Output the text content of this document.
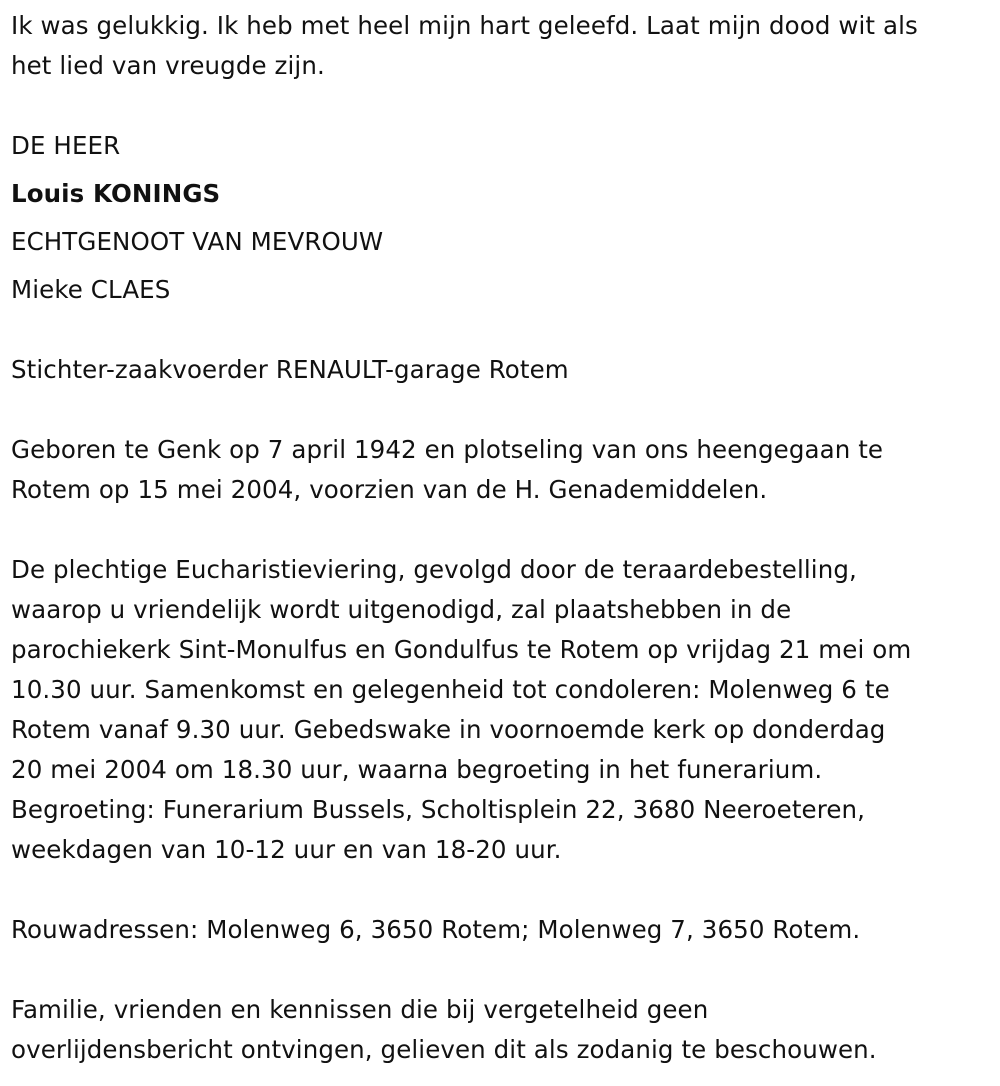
Ik was gelukkig. Ik heb met heel mijn hart geleefd. Laat mijn dood wit als
het lied van vreugde zijn.
DE HEER
Louis KONINGS
ECHTGENOOT VAN MEVROUW
Mieke CLAES
Stichter-zaakvoerder RENAULT-garage Rotem
Geboren te Genk op 7 april 1942 en plotseling van ons heengegaan te
Rotem op 15 mei 2004, voorzien van de H. Genademiddelen.
De plechtige Eucharistieviering, gevolgd door de teraardebestelling,
waarop u vriendelijk wordt uitgenodigd, zal plaatshebben in de
parochiekerk Sint-Monulfus en Gondulfus te Rotem op vrijdag 21 mei om
10.30 uur. Samenkomst en gelegenheid tot condoleren: Molenweg 6 te
Rotem vanaf 9.30 uur. Gebedswake in voornoemde kerk op donderdag
20 mei 2004 om 18.30 uur, waarna begroeting in het funerarium.
Begroeting: Funerarium Bussels, Scholtisplein 22, 3680 Neeroeteren,
weekdagen van 10-12 uur en van 18-20 uur.
Rouwadressen: Molenweg 6, 3650 Rotem; Molenweg 7, 3650 Rotem.
Familie, vrienden en kennissen die bij vergetelheid geen
overlijdensbericht ontvingen, gelieven dit als zodanig te beschouwen.
